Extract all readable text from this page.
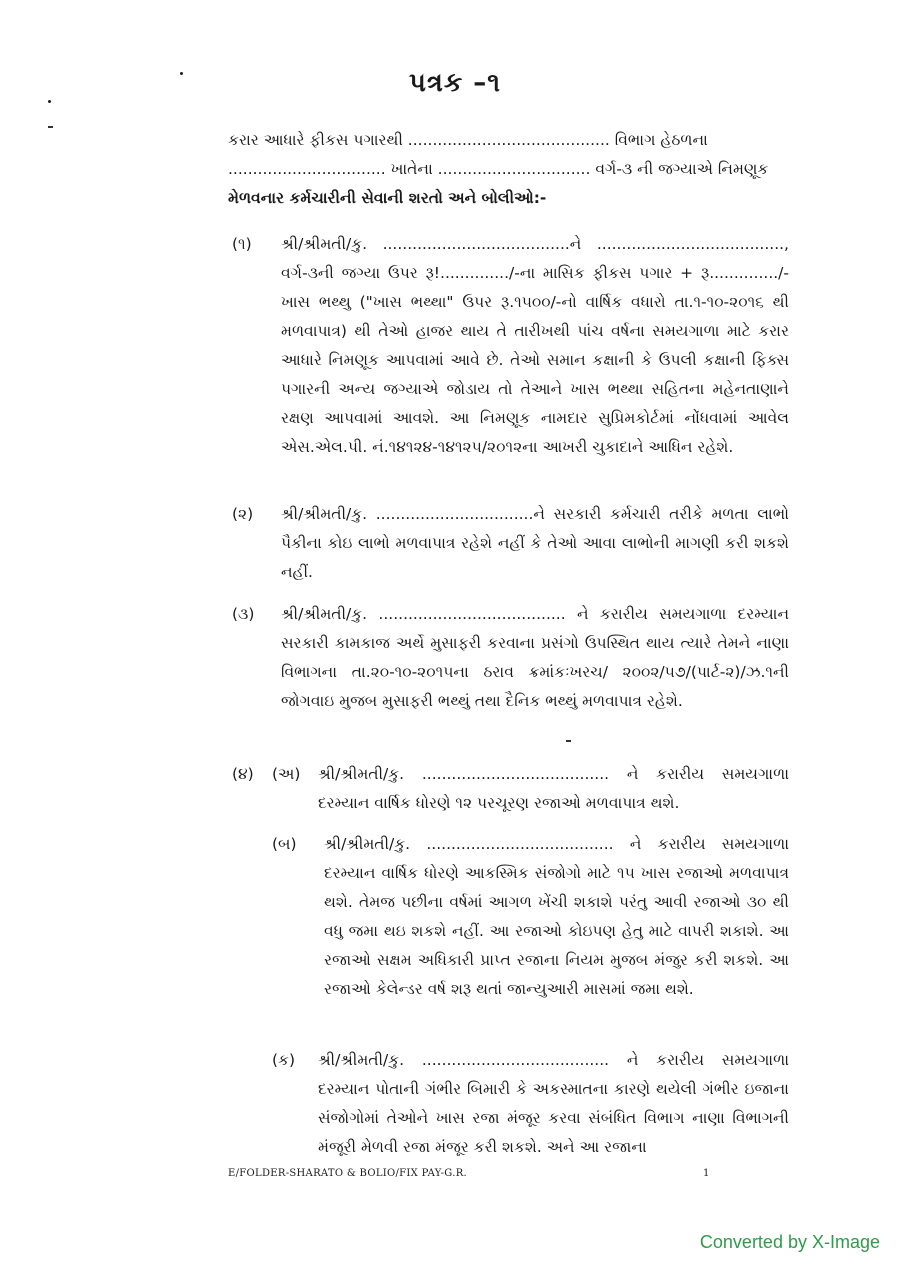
પત્રક –૧

કરાર આધારે ફીકસ પગારથી ......................................... વિભાગ હેઠળના

................................ ખાતેના ............................... વર્ગ-૩ ની જગ્યાએ નિમણૂક

મેળવનાર કર્મચારીની સેવાની શરતો અને બોલીઓ:-

(૧) શ્રી/શ્રીમતી/કુ. ......................................ને ......................................, વર્ગ-૩ની જગ્યા ઉપર રૂ!............../-ના માસિક ફીકસ પગાર + રૂ............../- ખાસ ભથ્થુ ("ખાસ ભથ્થા" ઉપર રૂ.૧૫૦૦/-નો વાર્ષિક વધારો તા.૧-૧૦-૨૦૧૬ થી મળવાપાત્ર) થી તેઓ હાજર થાય તે તારીખથી પાંચ વર્ષના સમયગાળા માટે કરાર આધારે નિમણૂક આપવામાં આવે છે. તેઓ સમાન કક્ષાની કે ઉપલી કક્ષાની ફિક્સ પગારની અન્ય જગ્યાએ જોડાય તો તેઆને ખાસ ભથ્થા સહિતના મહેનતાણાને રક્ષણ આપવામાં આવશે. આ નિમણૂક નામદાર સુપ્રિમકોર્ટમાં નોંધવામાં આવેલ એસ.એલ.પી. નં.૧૪૧૨૪-૧૪૧૨૫/૨૦૧૨ના આખરી ચુકાદાને આધિન રહેશે.

(૨) શ્રી/શ્રીમતી/કુ. ................................ને સરકારી કર્મચારી તરીકે મળતા લાભો પૈકીના કોઇ લાભો મળવાપાત્ર રહેશે નહીં કે તેઓ આવા લાભોની માગણી કરી શકશે નહીં.

(૩) શ્રી/શ્રીમતી/કુ. ...................................... ને કરારીય સમયગાળા દરમ્યાન સરકારી કામકાજ અર્થે મુસાફરી કરવાના પ્રસંગો ઉપસ્થિત થાય ત્યારે તેમને નાણા વિભાગના તા.૨૦-૧૦-૨૦૧૫ના ઠરાવ ક્રમાંકઃખરચ/ ૨૦૦૨/૫૭/(પાર્ટ-૨)/ઝ.૧ની જોગવાઇ મુજબ મુસાફરી ભથ્થું તથા દૈનિક ભથ્થું મળવાપાત્ર રહેશે.

(૪) (અ) શ્રી/શ્રીમતી/કુ. ...................................... ને કરારીય સમયગાળા દરમ્યાન વાર્ષિક ધોરણે ૧૨ પરચૂરણ રજાઓ મળવાપાત્ર થશે.

(બ) શ્રી/શ્રીમતી/કુ. ...................................... ને કરારીય સમયગાળા દરમ્યાન વાર્ષિક ધોરણે આકસ્મિક સંજોગો માટે ૧૫ ખાસ રજાઓ મળવાપાત્ર થશે. તેમજ પછીના વર્ષમાં આગળ ખેંચી શકાશે પરંતુ આવી રજાઓ ૩૦ થી વધુ જમા થઇ શકશે નહીં. આ રજાઓ કોઇપણ હેતુ માટે વાપરી શકાશે. આ રજાઓ સક્ષમ અધિકારી પ્રાપ્ત રજાના નિયમ મુજબ મંજુર કરી શકશે. આ રજાઓ કેલેન્ડર વર્ષ શરૂ થતાં જાન્યુઆરી માસમાં જમા થશે.

(ક) શ્રી/શ્રીમતી/કુ. ...................................... ને કરારીય સમયગાળા દરમ્યાન પોતાની ગંભીર બિમારી કે અકસ્માતના કારણે થયેલી ગંભીર ઇજાના સંજોગોમાં તેઓને ખાસ રજા મંજૂર કરવા સંબંધિત વિભાગ નાણા વિભાગની મંજૂરી મેળવી રજા મંજૂર કરી શકશે. અને આ રજાના

E/FOLDER-SHARATO & BOLIO/FIX PAY-G.R.	1
Converted by X-Image
